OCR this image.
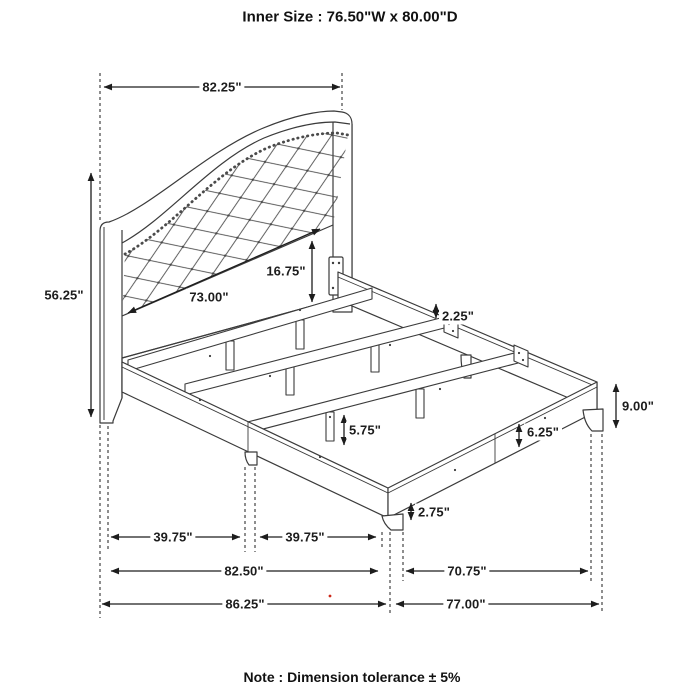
Inner Size : 76.50"W x 80.00"D
82.25"
56.25"	73.00"
16.75"
2.25"
9.00"
6.25"
5.75"
2.75"
39.75"	39.75"
82.50"	70.75"
86.25"	77.00"
Note : Dimension tolerance ± 5%
